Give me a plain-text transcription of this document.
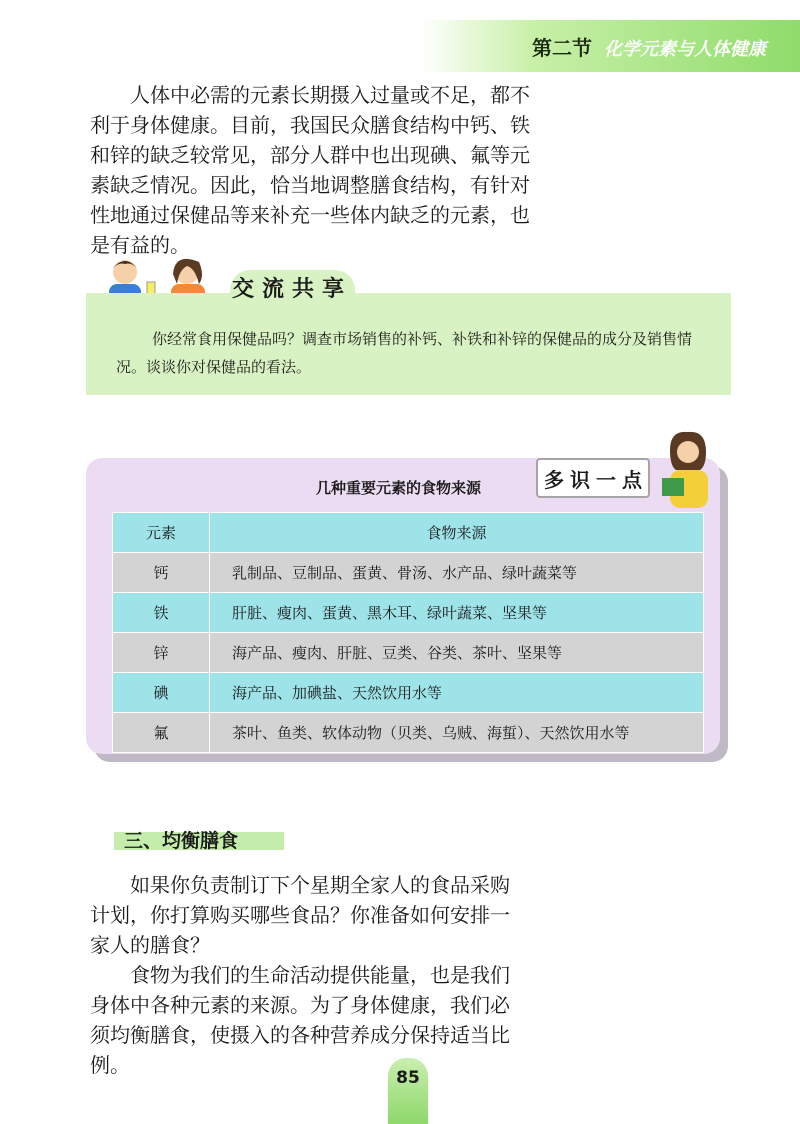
第二节 化学元素与人体健康

人体中必需的元素长期摄入过量或不足，都不利于身体健康。目前，我国民众膳食结构中钙、铁和锌的缺乏较常见，部分人群中也出现碘、氟等元素缺乏情况。因此，恰当地调整膳食结构，有针对性地通过保健品等来补充一些体内缺乏的元素，也是有益的。

交流共享
你经常食用保健品吗？调查市场销售的补钙、补铁和补锌的保健品的成分及销售情况。谈谈你对保健品的看法。
多识一点
几种重要元素的食物来源
元素	食物来源
钙	乳制品、豆制品、蛋黄、骨汤、水产品、绿叶蔬菜等
铁	肝脏、瘦肉、蛋黄、黑木耳、绿叶蔬菜、坚果等
锌	海产品、瘦肉、肝脏、豆类、谷类、茶叶、坚果等
碘	海产品、加碘盐、天然饮用水等
氟	茶叶、鱼类、软体动物（贝类、乌贼、海蜇）、天然饮用水等
三、均衡膳食

如果你负责制订下个星期全家人的食品采购计划，你打算购买哪些食品？你准备如何安排一家人的膳食？

食物为我们的生命活动提供能量，也是我们身体中各种元素的来源。为了身体健康，我们必须均衡膳食，使摄入的各种营养成分保持适当比例。

85
